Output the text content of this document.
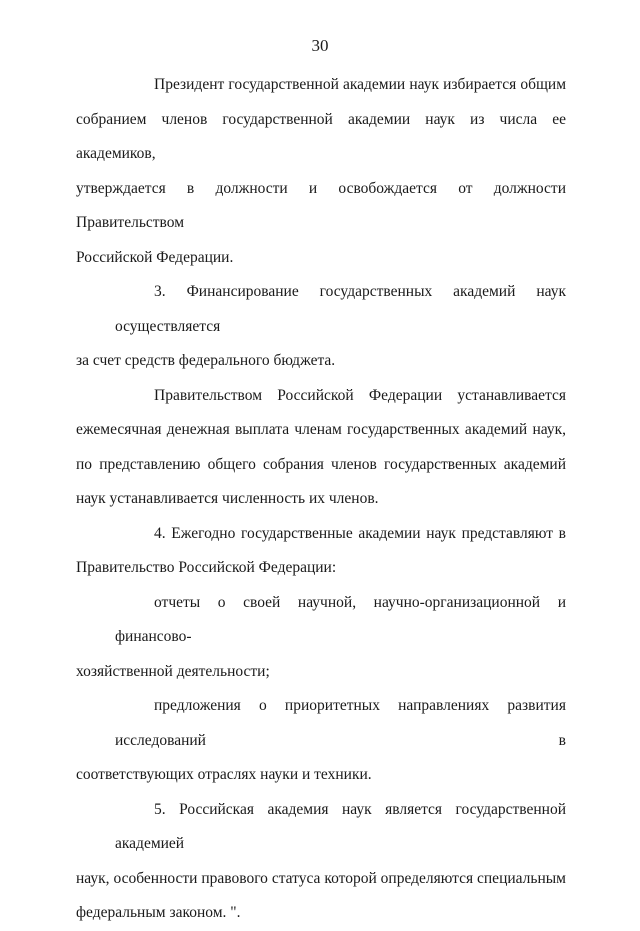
30

Президент государственной академии наук избирается общим
собранием членов государственной академии наук из числа ее академиков,
утверждается в должности и освобождается от должности Правительством
Российской Федерации.

3. Финансирование государственных академий наук осуществляется
за счет средств федерального бюджета.

Правительством Российской Федерации устанавливается
ежемесячная денежная выплата членам государственных академий наук,
по представлению общего собрания членов государственных академий
наук устанавливается численность их членов.

4. Ежегодно государственные академии наук представляют в
Правительство Российской Федерации:

отчеты о своей научной, научно-организационной и финансово-
хозяйственной деятельности;

предложения о приоритетных направлениях развития исследований в
соответствующих отраслях науки и техники.

5. Российская академия наук является государственной академией
наук, особенности правового статуса которой определяются специальным
федеральным законом. ".
